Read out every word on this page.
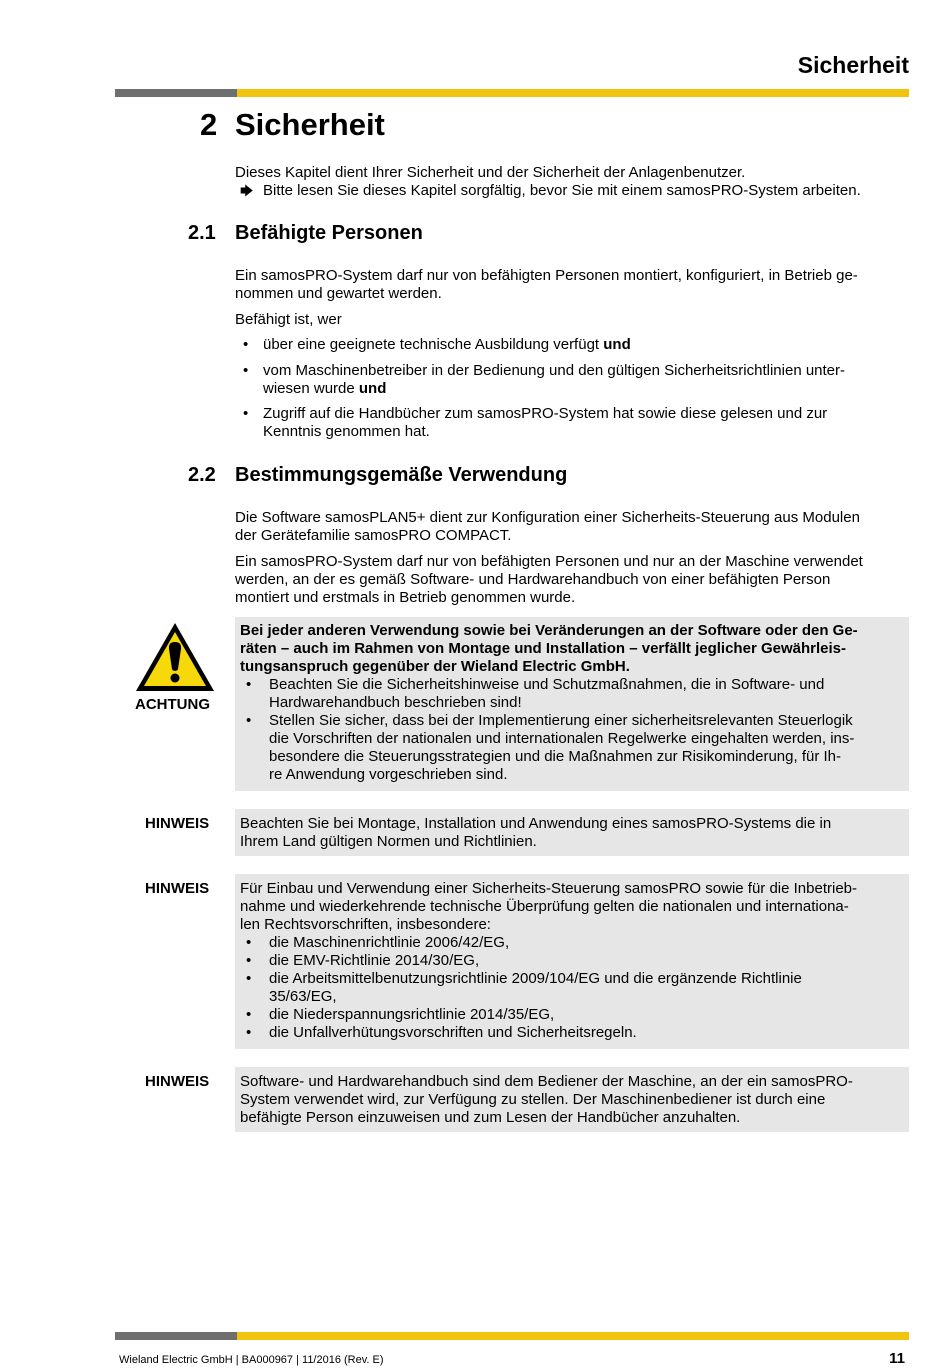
Sicherheit
2 Sicherheit

Dieses Kapitel dient Ihrer Sicherheit und der Sicherheit der Anlagenbenutzer.

🡆 Bitte lesen Sie dieses Kapitel sorgfältig, bevor Sie mit einem samosPRO-System arbeiten.

2.1 Befähigte Personen

Ein samosPRO-System darf nur von befähigten Personen montiert, konfiguriert, in Betrieb ge-
nommen und gewartet werden.

Befähigt ist, wer

• über eine geeignete technische Ausbildung verfügt und
• vom Maschinenbetreiber in der Bedienung und den gültigen Sicherheitsrichtlinien unter-
wiesen wurde und
• Zugriff auf die Handbücher zum samosPRO-System hat sowie diese gelesen und zur
Kenntnis genommen hat.
2.2 Bestimmungsgemäße Verwendung

Die Software samosPLAN5+ dient zur Konfiguration einer Sicherheits-Steuerung aus Modulen
der Gerätefamilie samosPRO COMPACT.

Ein samosPRO-System darf nur von befähigten Personen und nur an der Maschine verwendet
werden, an der es gemäß Software- und Hardwarehandbuch von einer befähigten Person
montiert und erstmals in Betrieb genommen wurde.

ACHTUNG
Bei jeder anderen Verwendung sowie bei Veränderungen an der Software oder den Ge-
räten – auch im Rahmen von Montage und Installation – verfällt jeglicher Gewährleis-
tungsanspruch gegenüber der Wieland Electric GmbH.
• Beachten Sie die Sicherheitshinweise und Schutzmaßnahmen, die in Software- und
Hardwarehandbuch beschrieben sind!
• Stellen Sie sicher, dass bei der Implementierung einer sicherheitsrelevanten Steuerlogik
die Vorschriften der nationalen und internationalen Regelwerke eingehalten werden, ins-
besondere die Steuerungsstrategien und die Maßnahmen zur Risikominderung, für Ih-
re Anwendung vorgeschrieben sind.
HINWEIS Beachten Sie bei Montage, Installation und Anwendung eines samosPRO-Systems die in
Ihrem Land gültigen Normen und Richtlinien.
HINWEIS Für Einbau und Verwendung einer Sicherheits-Steuerung samosPRO sowie für die Inbetrieb-
nahme und wiederkehrende technische Überprüfung gelten die nationalen und internationa-
len Rechtsvorschriften, insbesondere:
• die Maschinenrichtlinie 2006/42/EG,
• die EMV-Richtlinie 2014/30/EG,
• die Arbeitsmittelbenutzungsrichtlinie 2009/104/EG und die ergänzende Richtlinie
35/63/EG,
• die Niederspannungsrichtlinie 2014/35/EG,
• die Unfallverhütungsvorschriften und Sicherheitsregeln.
HINWEIS Software- und Hardwarehandbuch sind dem Bediener der Maschine, an der ein samosPRO-
System verwendet wird, zur Verfügung zu stellen. Der Maschinenbediener ist durch eine
befähigte Person einzuweisen und zum Lesen der Handbücher anzuhalten.
Wieland Electric GmbH | BA000967 | 11/2016 (Rev. E)	11
